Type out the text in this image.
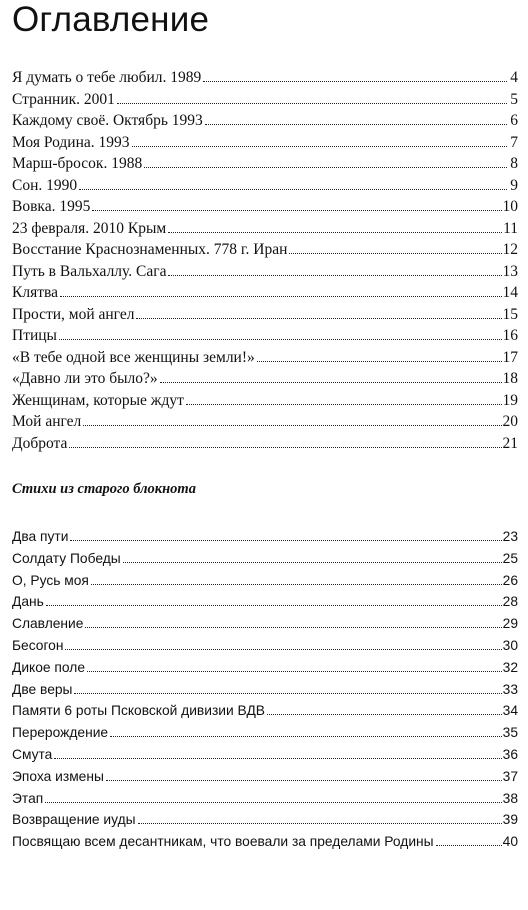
Оглавление
Я думать о тебе любил. 1989	4
Странник. 2001	5
Каждому своё. Октябрь 1993	6
Моя Родина. 1993	7
Марш-бросок. 1988	8
Сон. 1990	9
Вовка. 1995	10
23 февраля. 2010 Крым	11
Восстание Краснознаменных. 778 г. Иран	12
Путь в Вальхаллу. Сага	13
Клятва	14
Прости, мой ангел	15
Птицы	16
«В тебе одной все женщины земли!»	17
«Давно ли это было?»	18
Женщинам, которые ждут	19
Мой ангел	20
Доброта	21
Стихи из старого блокнота
Два пути	23
Солдату Победы	25
О, Русь моя	26
Дань	28
Славление	29
Бесогон	30
Дикое поле	32
Две веры	33
Памяти 6 роты Псковской дивизии ВДВ	34
Перерождение	35
Смута	36
Эпоха измены	37
Этап	38
Возвращение иуды	39
Посвящаю всем десантникам, что воевали за пределами Родины	40
